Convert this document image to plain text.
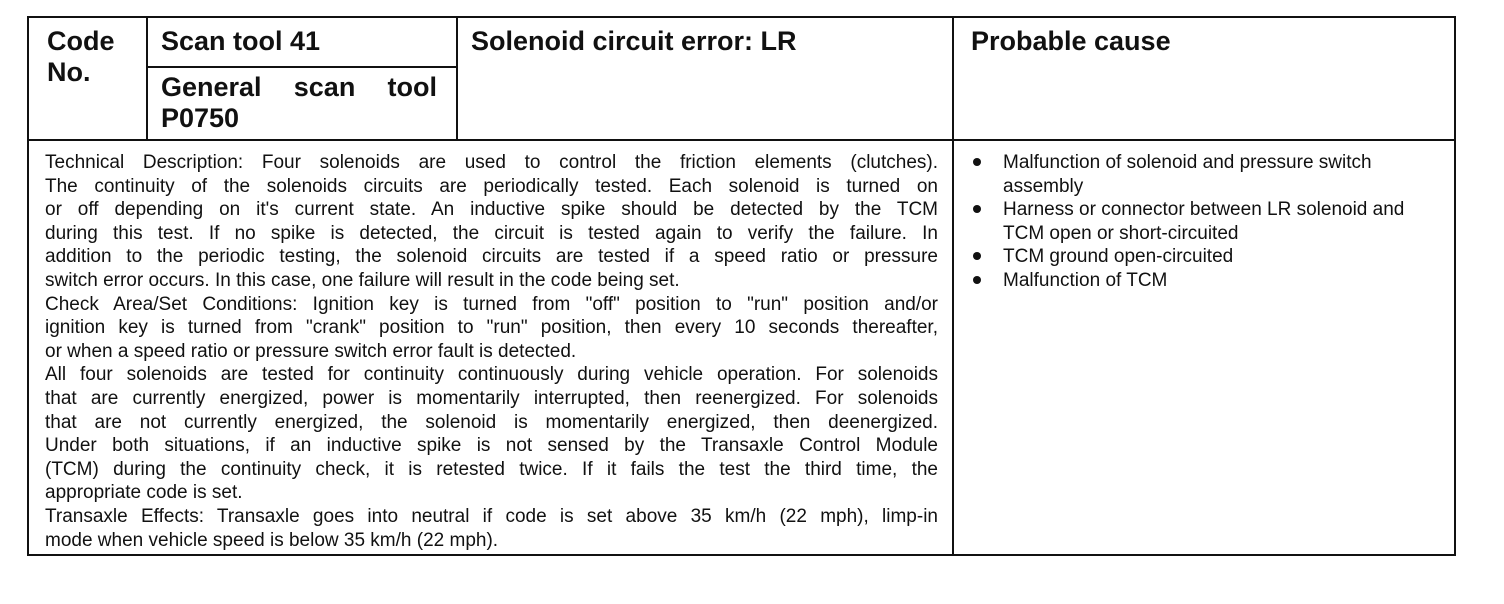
Code
No.
Scan tool 41
General scan tool
P0750
Solenoid circuit error: LR	Probable cause

Technical Description: Four solenoids are used to control the friction elements (clutches).

The continuity of the solenoids circuits are periodically tested. Each solenoid is turned on

or off depending on it's current state. An inductive spike should be detected by the TCM

during this test. If no spike is detected, the circuit is tested again to verify the failure. In

addition to the periodic testing, the solenoid circuits are tested if a speed ratio or pressure

switch error occurs. In this case, one failure will result in the code being set.

Check Area/Set Conditions: Ignition key is turned from "off" position to "run" position and/or

ignition key is turned from "crank" position to "run" position, then every 10 seconds thereafter,

or when a speed ratio or pressure switch error fault is detected.

All four solenoids are tested for continuity continuously during vehicle operation. For solenoids

that are currently energized, power is momentarily interrupted, then reenergized. For solenoids

that are not currently energized, the solenoid is momentarily energized, then deenergized.

Under both situations, if an inductive spike is not sensed by the Transaxle Control Module

(TCM) during the continuity check, it is retested twice. If it fails the test the third time, the

appropriate code is set.

Transaxle Effects: Transaxle goes into neutral if code is set above 35 km/h (22 mph), limp-in

mode when vehicle speed is below 35 km/h (22 mph).

Malfunction of solenoid and pressure switch assembly
Harness or connector between LR solenoid and TCM open or short-circuited
TCM ground open-circuited
Malfunction of TCM
